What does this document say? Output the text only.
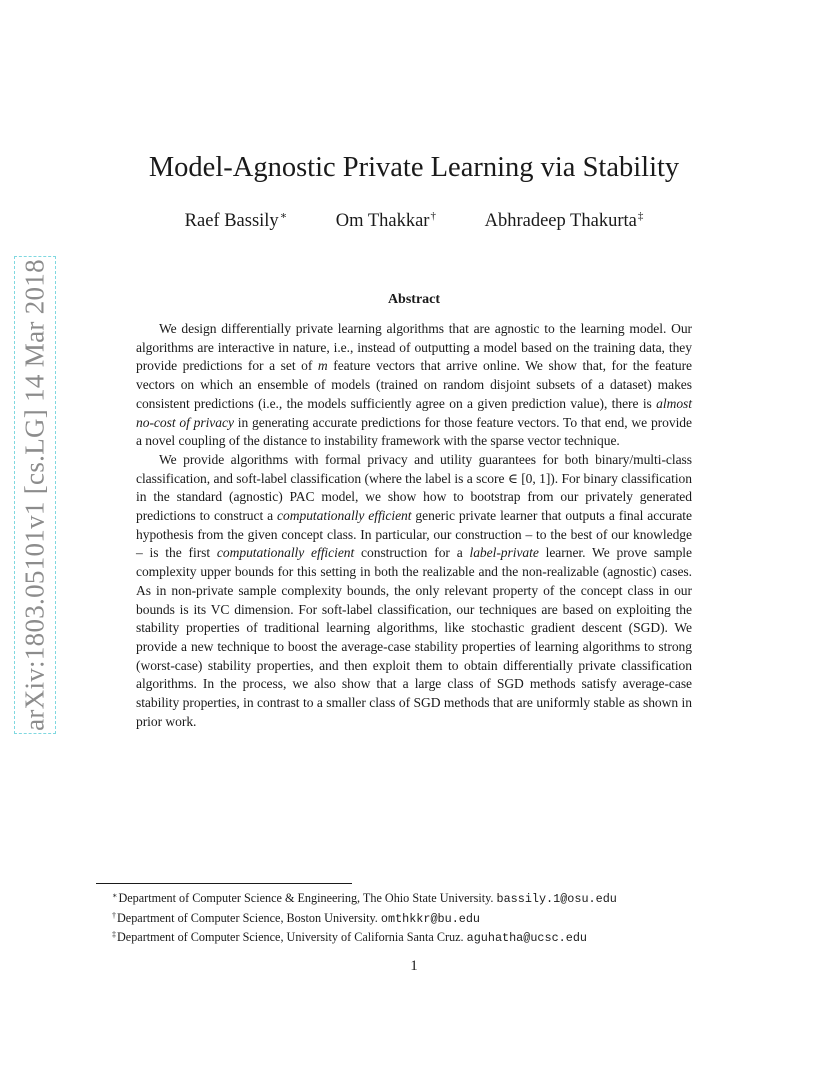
arXiv:1803.05101v1 [cs.LG] 14 Mar 2018
Model-Agnostic Private Learning via Stability
Raef Bassily∗	Om Thakkar†	Abhradeep Thakurta‡
Abstract

We design differentially private learning algorithms that are agnostic to the learning model. Our algorithms are interactive in nature, i.e., instead of outputting a model based on the training data, they provide predictions for a set of m feature vectors that arrive online. We show that, for the feature vectors on which an ensemble of models (trained on random disjoint subsets of a dataset) makes consistent predictions (i.e., the models sufficiently agree on a given prediction value), there is almost no-cost of privacy in generating accurate predictions for those feature vectors. To that end, we provide a novel coupling of the distance to instability framework with the sparse vector technique.

We provide algorithms with formal privacy and utility guarantees for both binary/multi-class classification, and soft-label classification (where the label is a score ∈ [0, 1]). For binary classification in the standard (agnostic) PAC model, we show how to bootstrap from our privately generated predictions to construct a computationally efficient generic private learner that outputs a final accurate hypothesis from the given concept class. In particular, our construction – to the best of our knowledge – is the first computationally efficient construction for a label-private learner. We prove sample complexity upper bounds for this setting in both the realizable and the non-realizable (agnostic) cases. As in non-private sample complexity bounds, the only relevant property of the concept class in our bounds is its VC dimension. For soft-label classification, our techniques are based on exploiting the stability properties of traditional learning algorithms, like stochastic gradient descent (SGD). We provide a new technique to boost the average-case stability properties of learning algorithms to strong (worst-case) stability properties, and then exploit them to obtain differentially private classification algorithms. In the process, we also show that a large class of SGD methods satisfy average-case stability properties, in contrast to a smaller class of SGD methods that are uniformly stable as shown in prior work.

∗Department of Computer Science & Engineering, The Ohio State University. bassily.1@osu.edu
†Department of Computer Science, Boston University. omthkkr@bu.edu
‡Department of Computer Science, University of California Santa Cruz. aguhatha@ucsc.edu
1
